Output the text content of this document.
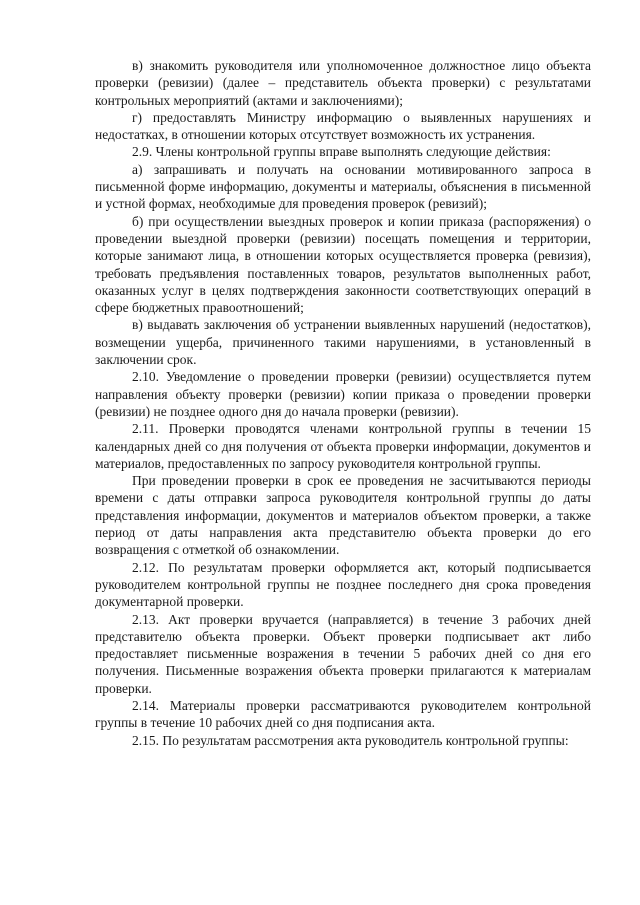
в) знакомить руководителя или уполномоченное должностное лицо объекта проверки (ревизии) (далее – представитель объекта проверки) с результатами контрольных мероприятий (актами и заключениями);

г) предоставлять Министру информацию о выявленных нарушениях и недостатках, в отношении которых отсутствует возможность их устранения.

2.9. Члены контрольной группы вправе выполнять следующие действия:

а) запрашивать и получать на основании мотивированного запроса в письменной форме информацию, документы и материалы, объяснения в письменной и устной формах, необходимые для проведения проверок (ревизий);

б) при осуществлении выездных проверок и копии приказа (распоряжения) о проведении выездной проверки (ревизии) посещать помещения и территории, которые занимают лица, в отношении которых осуществляется проверка (ревизия), требовать предъявления поставленных товаров, результатов выполненных работ, оказанных услуг в целях подтверждения законности соответствующих операций в сфере бюджетных правоотношений;

в) выдавать заключения об устранении выявленных нарушений (недостатков), возмещении ущерба, причиненного такими нарушениями, в установленный в заключении срок.

2.10. Уведомление о проведении проверки (ревизии) осуществляется путем направления объекту проверки (ревизии) копии приказа о проведении проверки (ревизии) не позднее одного дня до начала проверки (ревизии).

2.11. Проверки проводятся членами контрольной группы в течении 15 календарных дней со дня получения от объекта проверки информации, документов и материалов, предоставленных по запросу руководителя контрольной группы.

При проведении проверки в срок ее проведения не засчитываются периоды времени с даты отправки запроса руководителя контрольной группы до даты представления информации, документов и материалов объектом проверки, а также период от даты направления акта представителю объекта проверки до его возвращения с отметкой об ознакомлении.

2.12. По результатам проверки оформляется акт, который подписывается руководителем контрольной группы не позднее последнего дня срока проведения документарной проверки.

2.13. Акт проверки вручается (направляется) в течение 3 рабочих дней представителю объекта проверки. Объект проверки подписывает акт либо предоставляет письменные возражения в течении 5 рабочих дней со дня его получения. Письменные возражения объекта проверки прилагаются к материалам проверки.

2.14. Материалы проверки рассматриваются руководителем контрольной группы в течение 10 рабочих дней со дня подписания акта.

2.15. По результатам рассмотрения акта руководитель контрольной группы:
